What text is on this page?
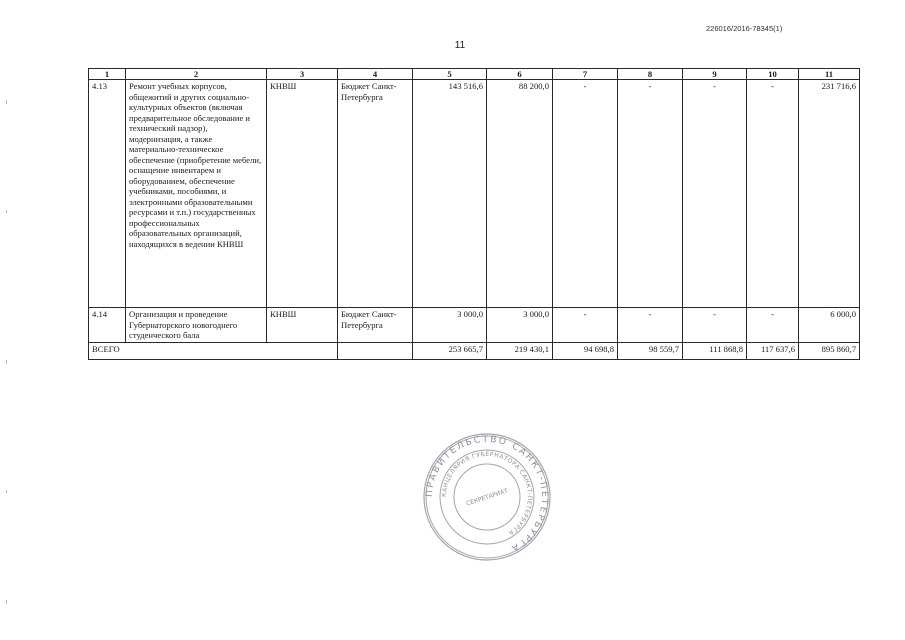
226016/2016-78345(1)
11
1	2	3	4	5	6	7	8	9	10	11
4.13	Ремонт учебных корпусов, общежитий и других социально-культурных объектов (включая предварительное обследование и технический надзор), модернизация, а также материально-техническое обеспечение (приобретение мебели, оснащение инвентарем и оборудованием, обеспечение учебниками, пособиями, и электронными образовательными ресурсами и т.п.) государственных профессиональных образовательных организаций, находящихся в ведении КНВШ	КНВШ	Бюджет Санкт-Петербурга	143 516,6	88 200,0	-	-	-	-	231 716,6
4.14	Организация и проведение Губернаторского новогоднего студенческого бала	КНВШ	Бюджет Санкт-Петербурга	3 000,0	3 000,0	-	-	-	-	6 000,0
ВСЕГО				253 665,7	219 430,1	94 698,8	98 559,7	111 868,8	117 637,6	895 860,7
ПРАВИТЕЛЬСТВО САНКТ-ПЕТЕРБУРГА
КАНЦЕЛЯРИЯ ГУБЕРНАТОРА САНКТ-ПЕТЕРБУРГА
СЕКРЕТАРИАТ
